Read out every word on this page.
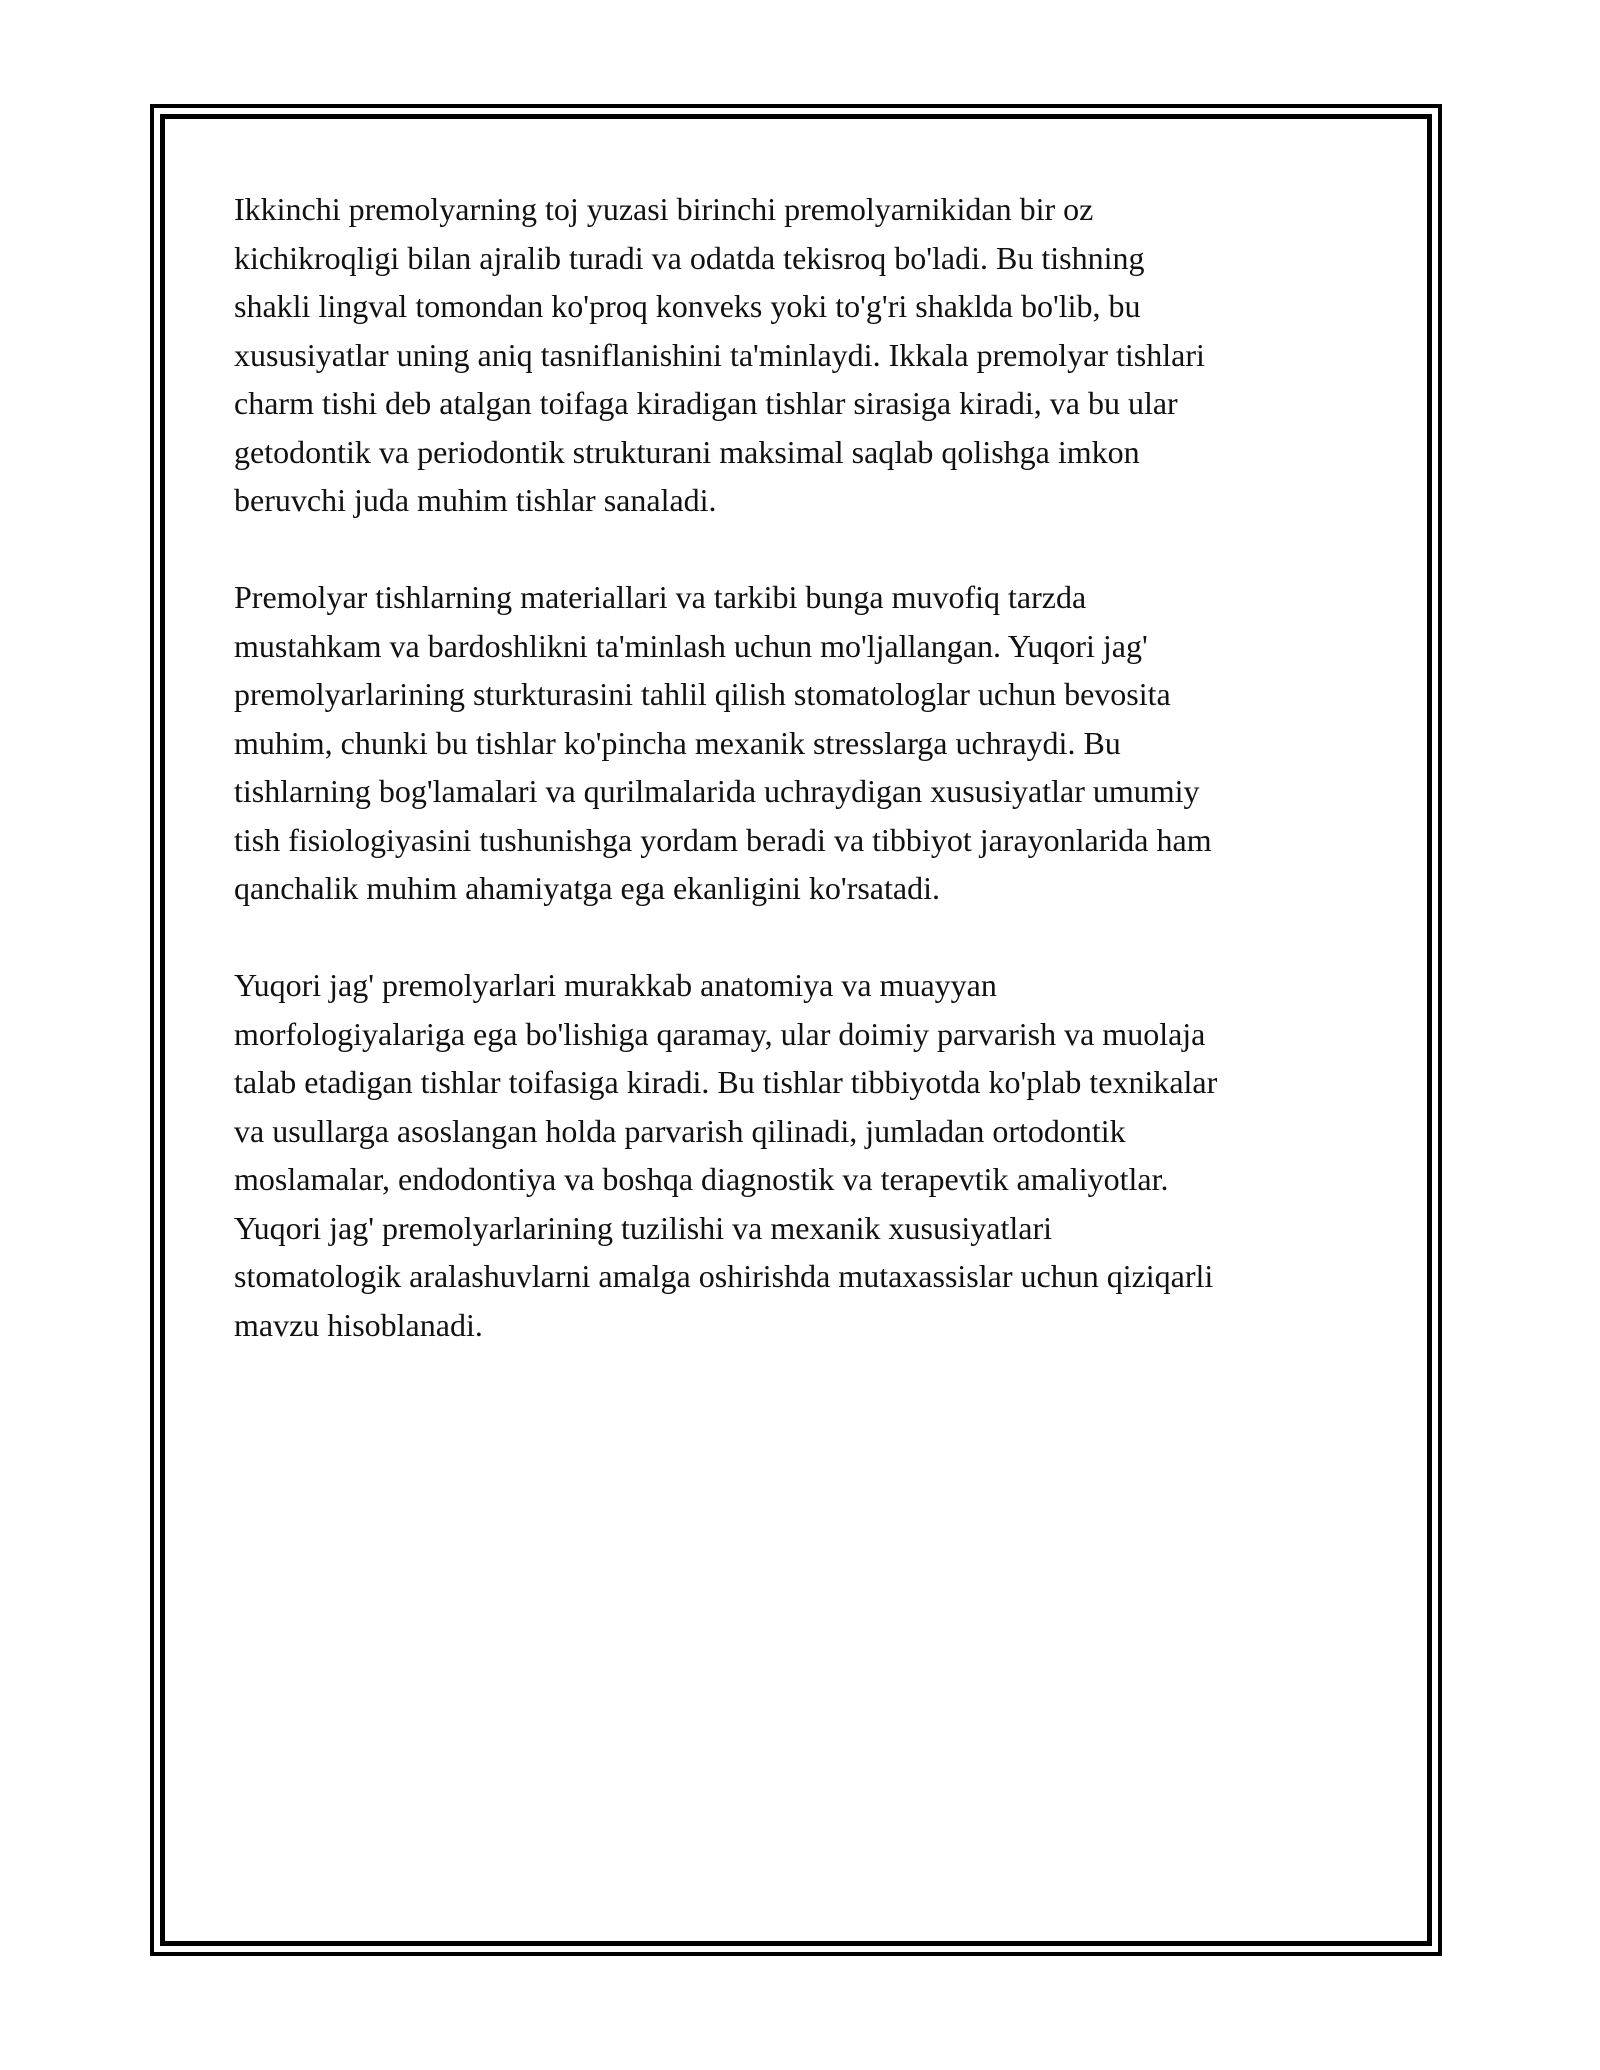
Ikkinchi premolyarning toj yuzasi birinchi premolyarnikidan bir oz
kichikroqligi bilan ajralib turadi va odatda tekisroq bo'ladi. Bu tishning
shakli lingval tomondan ko'proq konveks yoki to'g'ri shaklda bo'lib, bu
xususiyatlar uning aniq tasniflanishini ta'minlaydi. Ikkala premolyar tishlari
charm tishi deb atalgan toifaga kiradigan tishlar sirasiga kiradi, va bu ular
getodontik va periodontik strukturani maksimal saqlab qolishga imkon
beruvchi juda muhim tishlar sanaladi.

Premolyar tishlarning materiallari va tarkibi bunga muvofiq tarzda
mustahkam va bardoshlikni ta'minlash uchun mo'ljallangan. Yuqori jag'
premolyarlarining sturkturasini tahlil qilish stomatologlar uchun bevosita
muhim, chunki bu tishlar ko'pincha mexanik stresslarga uchraydi. Bu
tishlarning bog'lamalari va qurilmalarida uchraydigan xususiyatlar umumiy
tish fisiologiyasini tushunishga yordam beradi va tibbiyot jarayonlarida ham
qanchalik muhim ahamiyatga ega ekanligini ko'rsatadi.

Yuqori jag' premolyarlari murakkab anatomiya va muayyan
morfologiyalariga ega bo'lishiga qaramay, ular doimiy parvarish va muolaja
talab etadigan tishlar toifasiga kiradi. Bu tishlar tibbiyotda ko'plab texnikalar
va usullarga asoslangan holda parvarish qilinadi, jumladan ortodontik
moslamalar, endodontiya va boshqa diagnostik va terapevtik amaliyotlar.
Yuqori jag' premolyarlarining tuzilishi va mexanik xususiyatlari
stomatologik aralashuvlarni amalga oshirishda mutaxassislar uchun qiziqarli
mavzu hisoblanadi.
